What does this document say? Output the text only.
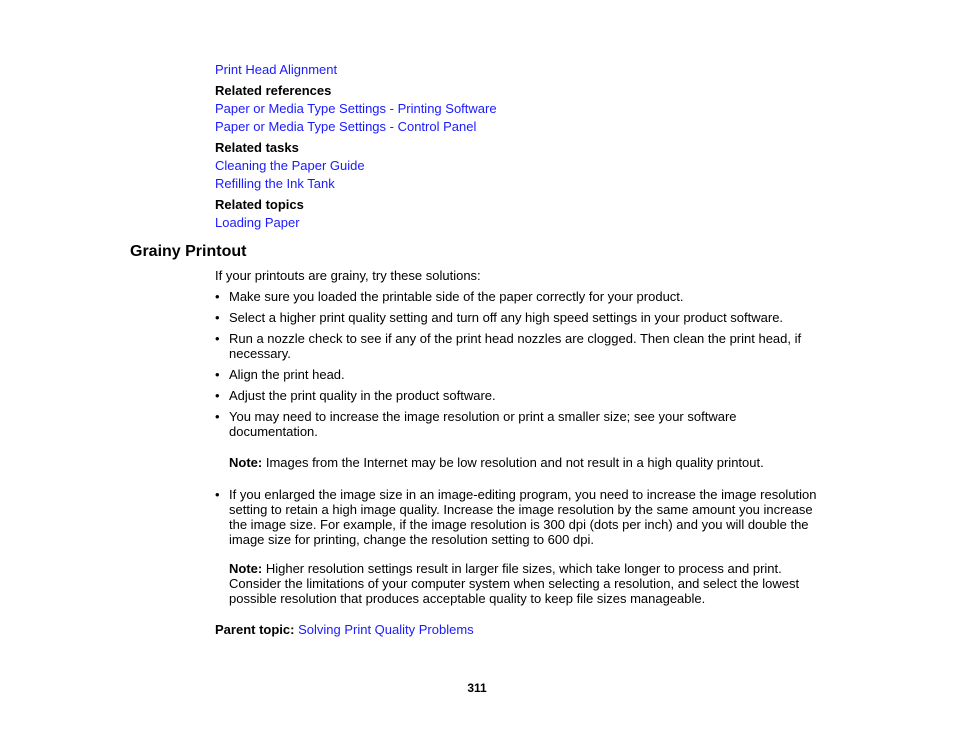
Print Head Alignment
Related references
Paper or Media Type Settings - Printing Software
Paper or Media Type Settings - Control Panel
Related tasks
Cleaning the Paper Guide
Refilling the Ink Tank
Related topics
Loading Paper
Grainy Printout
If your printouts are grainy, try these solutions:
• Make sure you loaded the printable side of the paper correctly for your product.
• Select a higher print quality setting and turn off any high speed settings in your product software.
• Run a nozzle check to see if any of the print head nozzles are clogged. Then clean the print head, if necessary.
• Align the print head.
• Adjust the print quality in the product software.
• You may need to increase the image resolution or print a smaller size; see your software documentation.
Note: Images from the Internet may be low resolution and not result in a high quality printout.
• If you enlarged the image size in an image-editing program, you need to increase the image resolution setting to retain a high image quality. Increase the image resolution by the same amount you increase the image size. For example, if the image resolution is 300 dpi (dots per inch) and you will double the image size for printing, change the resolution setting to 600 dpi.
Note: Higher resolution settings result in larger file sizes, which take longer to process and print. Consider the limitations of your computer system when selecting a resolution, and select the lowest possible resolution that produces acceptable quality to keep file sizes manageable.
Parent topic: Solving Print Quality Problems
311
